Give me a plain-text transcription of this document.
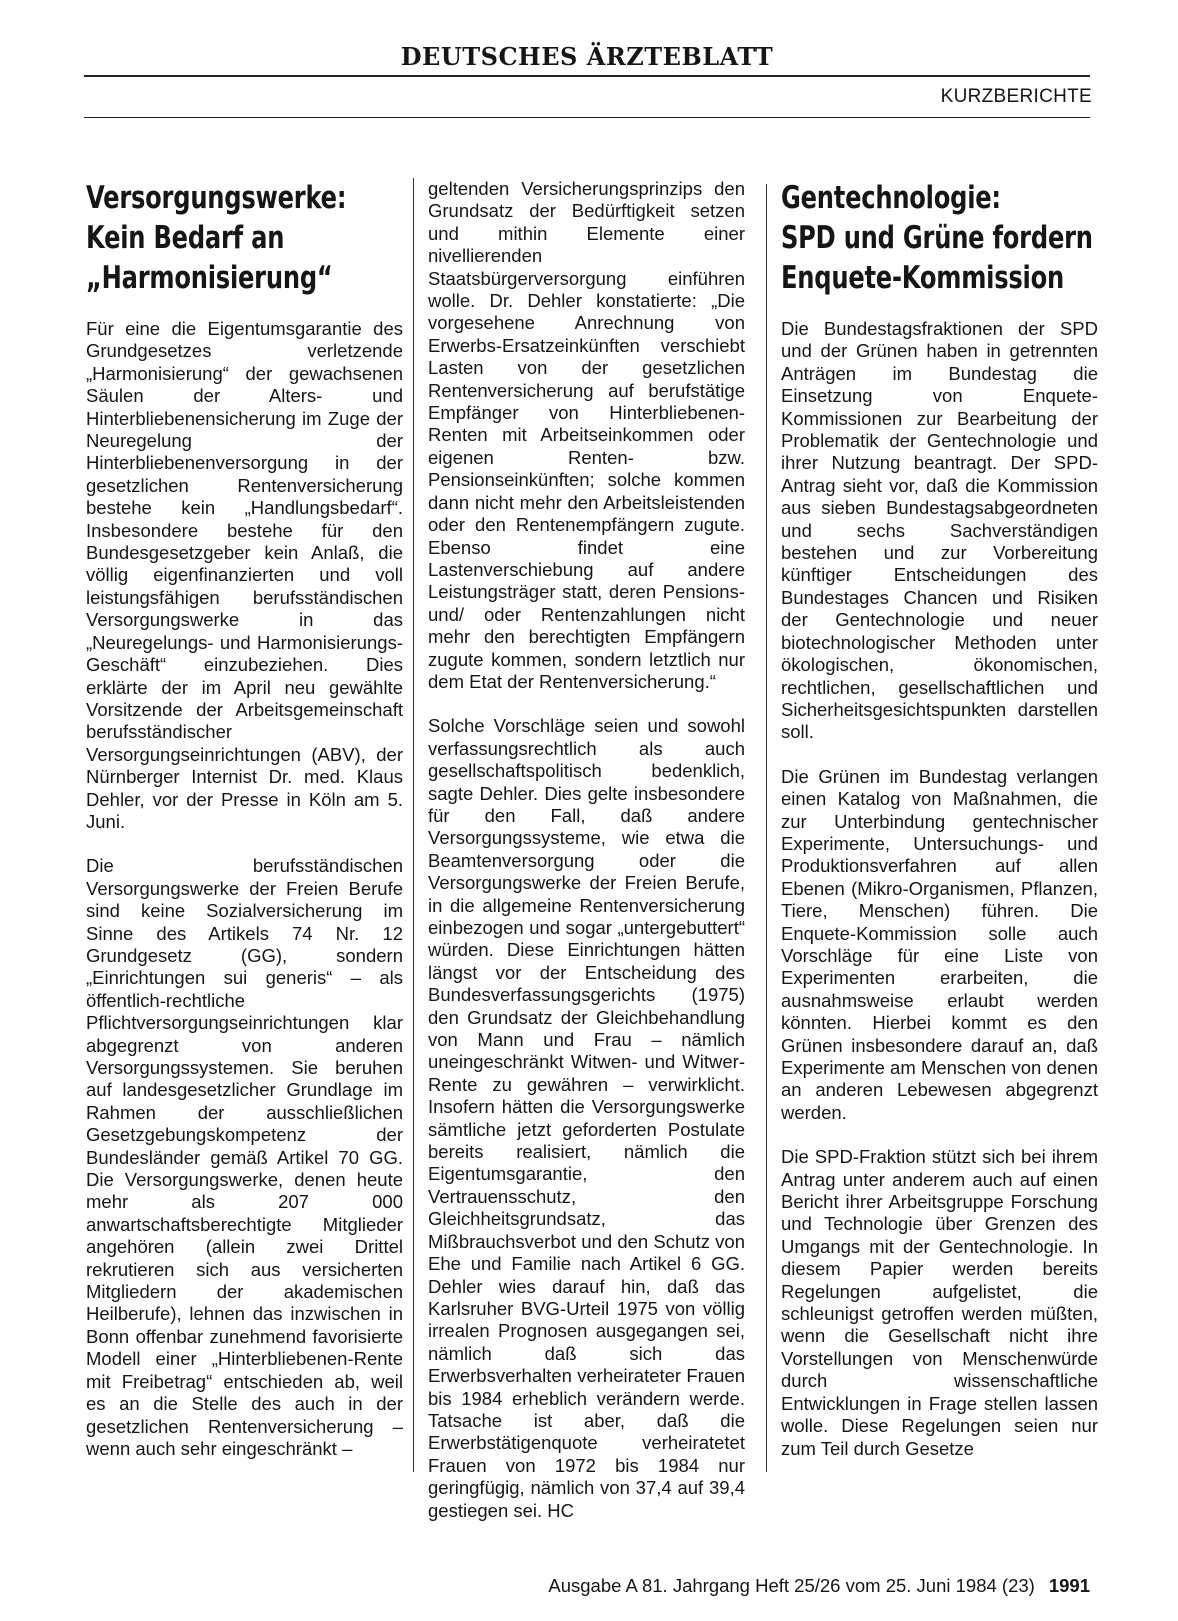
DEUTSCHES ÄRZTEBLATT
KURZBERICHTE
Versorgungswerke:
Kein Bedarf an
„Harmonisierung“

Für eine die Eigentumsgarantie des Grundgesetzes verletzende „Harmonisierung“ der gewachsenen Säulen der Alters- und Hinterbliebenensicherung im Zuge der Neuregelung der Hinterbliebenenversorgung in der gesetzlichen Rentenversicherung bestehe kein „Handlungsbedarf“. Insbesondere bestehe für den Bundesgesetzgeber kein Anlaß, die völlig eigenfinanzierten und voll leistungsfähigen berufsständischen Versorgungswerke in das „Neuregelungs- und Harmonisierungs-Geschäft“ einzubeziehen. Dies erklärte der im April neu gewählte Vorsitzende der Arbeitsgemeinschaft berufsständischer Versorgungseinrichtungen (ABV), der Nürnberger Internist Dr. med. Klaus Dehler, vor der Presse in Köln am 5. Juni.

Die berufsständischen Versorgungswerke der Freien Berufe sind keine Sozialversicherung im Sinne des Artikels 74 Nr. 12 Grundgesetz (GG), sondern „Einrichtungen sui generis“ – als öffentlich-rechtliche Pflichtversorgungseinrichtungen klar abgegrenzt von anderen Versorgungssystemen. Sie beruhen auf landesgesetzlicher Grundlage im Rahmen der ausschließlichen Gesetzgebungskompetenz der Bundesländer gemäß Artikel 70 GG. Die Versorgungswerke, denen heute mehr als 207 000 anwartschaftsberechtigte Mitglieder angehören (allein zwei Drittel rekrutieren sich aus versicherten Mitgliedern der akademischen Heilberufe), lehnen das inzwischen in Bonn offenbar zunehmend favorisierte Modell einer „Hinterbliebenen-Rente mit Freibetrag“ entschieden ab, weil es an die Stelle des auch in der gesetzlichen Rentenversicherung – wenn auch sehr eingeschränkt –

geltenden Versicherungsprinzips den Grundsatz der Bedürftigkeit setzen und mithin Elemente einer nivellierenden Staatsbürgerversorgung einführen wolle. Dr. Dehler konstatierte: „Die vorgesehene Anrechnung von Erwerbs-Ersatzeinkünften verschiebt Lasten von der gesetzlichen Rentenversicherung auf berufstätige Empfänger von Hinterbliebenen-Renten mit Arbeitseinkommen oder eigenen Renten- bzw. Pensionseinkünften; solche kommen dann nicht mehr den Arbeitsleistenden oder den Rentenempfängern zugute. Ebenso findet eine Lastenverschiebung auf andere Leistungsträger statt, deren Pensions- und/ oder Rentenzahlungen nicht mehr den berechtigten Empfängern zugute kommen, sondern letztlich nur dem Etat der Rentenversicherung.“

Solche Vorschläge seien und sowohl verfassungsrechtlich als auch gesellschaftspolitisch bedenklich, sagte Dehler. Dies gelte insbesondere für den Fall, daß andere Versorgungssysteme, wie etwa die Beamtenversorgung oder die Versorgungswerke der Freien Berufe, in die allgemeine Rentenversicherung einbezogen und sogar „untergebuttert“ würden. Diese Einrichtungen hätten längst vor der Entscheidung des Bundesverfassungsgerichts (1975) den Grundsatz der Gleichbehandlung von Mann und Frau – nämlich uneingeschränkt Witwen- und Witwer-Rente zu gewähren – verwirklicht. Insofern hätten die Versorgungswerke sämtliche jetzt geforderten Postulate bereits realisiert, nämlich die Eigentumsgarantie, den Vertrauensschutz, den Gleichheitsgrundsatz, das Mißbrauchsverbot und den Schutz von Ehe und Familie nach Artikel 6 GG. Dehler wies darauf hin, daß das Karlsruher BVG-Urteil 1975 von völlig irrealen Prognosen ausgegangen sei, nämlich daß sich das Erwerbsverhalten verheirateter Frauen bis 1984 erheblich verändern werde. Tatsache ist aber, daß die Erwerbstätigenquote verheiratetet Frauen von 1972 bis 1984 nur geringfügig, nämlich von 37,4 auf 39,4 gestiegen sei. HC

Gentechnologie:
SPD und Grüne fordern
Enquete-Kommission

Die Bundestagsfraktionen der SPD und der Grünen haben in getrennten Anträgen im Bundestag die Einsetzung von Enquete-Kommissionen zur Bearbeitung der Problematik der Gentechnologie und ihrer Nutzung beantragt. Der SPD-Antrag sieht vor, daß die Kommission aus sieben Bundestagsabgeordneten und sechs Sachverständigen bestehen und zur Vorbereitung künftiger Entscheidungen des Bundestages Chancen und Risiken der Gentechnologie und neuer biotechnologischer Methoden unter ökologischen, ökonomischen, rechtlichen, gesellschaftlichen und Sicherheitsgesichtspunkten darstellen soll.

Die Grünen im Bundestag verlangen einen Katalog von Maßnahmen, die zur Unterbindung gentechnischer Experimente, Untersuchungs- und Produktionsverfahren auf allen Ebenen (Mikro-Organismen, Pflanzen, Tiere, Menschen) führen. Die Enquete-Kommission solle auch Vorschläge für eine Liste von Experimenten erarbeiten, die ausnahmsweise erlaubt werden könnten. Hierbei kommt es den Grünen insbesondere darauf an, daß Experimente am Menschen von denen an anderen Lebewesen abgegrenzt werden.

Die SPD-Fraktion stützt sich bei ihrem Antrag unter anderem auch auf einen Bericht ihrer Arbeitsgruppe Forschung und Technologie über Grenzen des Umgangs mit der Gentechnologie. In diesem Papier werden bereits Regelungen aufgelistet, die schleunigst getroffen werden müßten, wenn die Gesellschaft nicht ihre Vorstellungen von Menschenwürde durch wissenschaftliche Entwicklungen in Frage stellen lassen wolle. Diese Regelungen seien nur zum Teil durch Gesetze

Ausgabe A 81. Jahrgang Heft 25/26 vom 25. Juni 1984 (23) 1991
